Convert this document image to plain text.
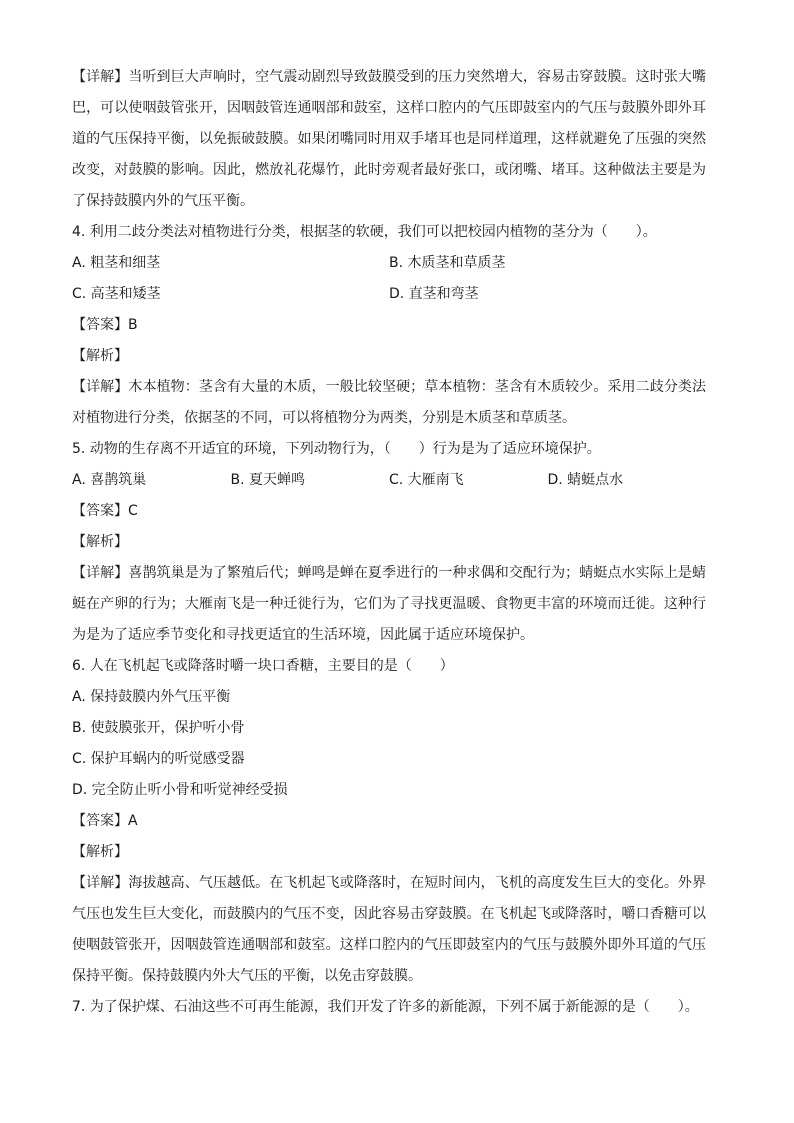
【详解】当听到巨大声响时，空气震动剧烈导致鼓膜受到的压力突然增大，容易击穿鼓膜。这时张大嘴巴，可以使咽鼓管张开，因咽鼓管连通咽部和鼓室，这样口腔内的气压即鼓室内的气压与鼓膜外即外耳道的气压保持平衡，以免振破鼓膜。如果闭嘴同时用双手堵耳也是同样道理，这样就避免了压强的突然改变，对鼓膜的影响。因此，燃放礼花爆竹，此时旁观者最好张口，或闭嘴、堵耳。这种做法主要是为了保持鼓膜内外的气压平衡。

4. 利用二歧分类法对植物进行分类，根据茎的软硬，我们可以把校园内植物的茎分为（　　）。

A. 粗茎和细茎	B. 木质茎和草质茎
C. 高茎和矮茎	D. 直茎和弯茎

【答案】B

【解析】

【详解】木本植物：茎含有大量的木质，一般比较坚硬；草本植物：茎含有木质较少。采用二歧分类法对植物进行分类，依据茎的不同，可以将植物分为两类，分别是木质茎和草质茎。

5. 动物的生存离不开适宜的环境，下列动物行为，（　　）行为是为了适应环境保护。

A. 喜鹊筑巢	B. 夏天蝉鸣	C. 大雁南飞	D. 蜻蜓点水

【答案】C

【解析】

【详解】喜鹊筑巢是为了繁殖后代；蝉鸣是蝉在夏季进行的一种求偶和交配行为；蜻蜓点水实际上是蜻蜓在产卵的行为；大雁南飞是一种迁徙行为，它们为了寻找更温暖、食物更丰富的环境而迁徙。这种行为是为了适应季节变化和寻找更适宜的生活环境，因此属于适应环境保护。

6. 人在飞机起飞或降落时嚼一块口香糖，主要目的是（　　）

A. 保持鼓膜内外气压平衡

B. 使鼓膜张开，保护听小骨

C. 保护耳蜗内的听觉感受器

D. 完全防止听小骨和听觉神经受损

【答案】A

【解析】

【详解】海拔越高、气压越低。在飞机起飞或降落时，在短时间内，飞机的高度发生巨大的变化。外界气压也发生巨大变化，而鼓膜内的气压不变，因此容易击穿鼓膜。在飞机起飞或降落时，嚼口香糖可以使咽鼓管张开，因咽鼓管连通咽部和鼓室。这样口腔内的气压即鼓室内的气压与鼓膜外即外耳道的气压保持平衡。保持鼓膜内外大气压的平衡，以免击穿鼓膜。

7. 为了保护煤、石油这些不可再生能源，我们开发了许多的新能源，下列不属于新能源的是（　　）。
